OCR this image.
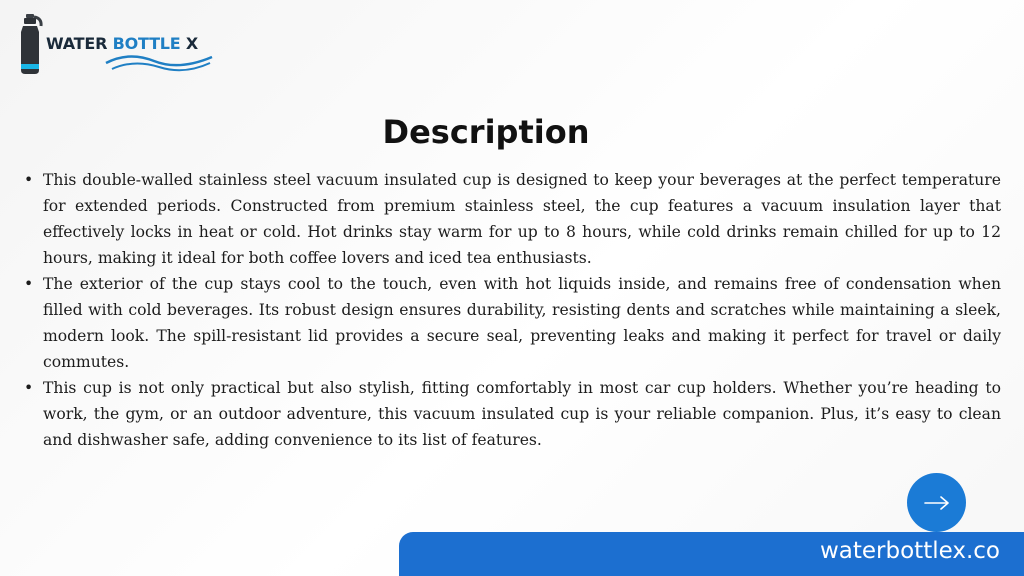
WATER BOTTLE X
Description
• This double-walled stainless steel vacuum insulated cup is designed to keep your beverages at the perfect temperature for extended periods. Constructed from premium stainless steel, the cup features a vacuum insulation layer that effectively locks in heat or cold. Hot drinks stay warm for up to 8 hours, while cold drinks remain chilled for up to 12 hours, making it ideal for both coffee lovers and iced tea enthusiasts.
• The exterior of the cup stays cool to the touch, even with hot liquids inside, and remains free of condensation when filled with cold beverages. Its robust design ensures durability, resisting dents and scratches while maintaining a sleek, modern look. The spill-resistant lid provides a secure seal, preventing leaks and making it perfect for travel or daily commutes.
• This cup is not only practical but also stylish, fitting comfortably in most car cup holders. Whether you’re heading to work, the gym, or an outdoor adventure, this vacuum insulated cup is your reliable companion. Plus, it’s easy to clean and dishwasher safe, adding convenience to its list of features.
waterbottlex.co
